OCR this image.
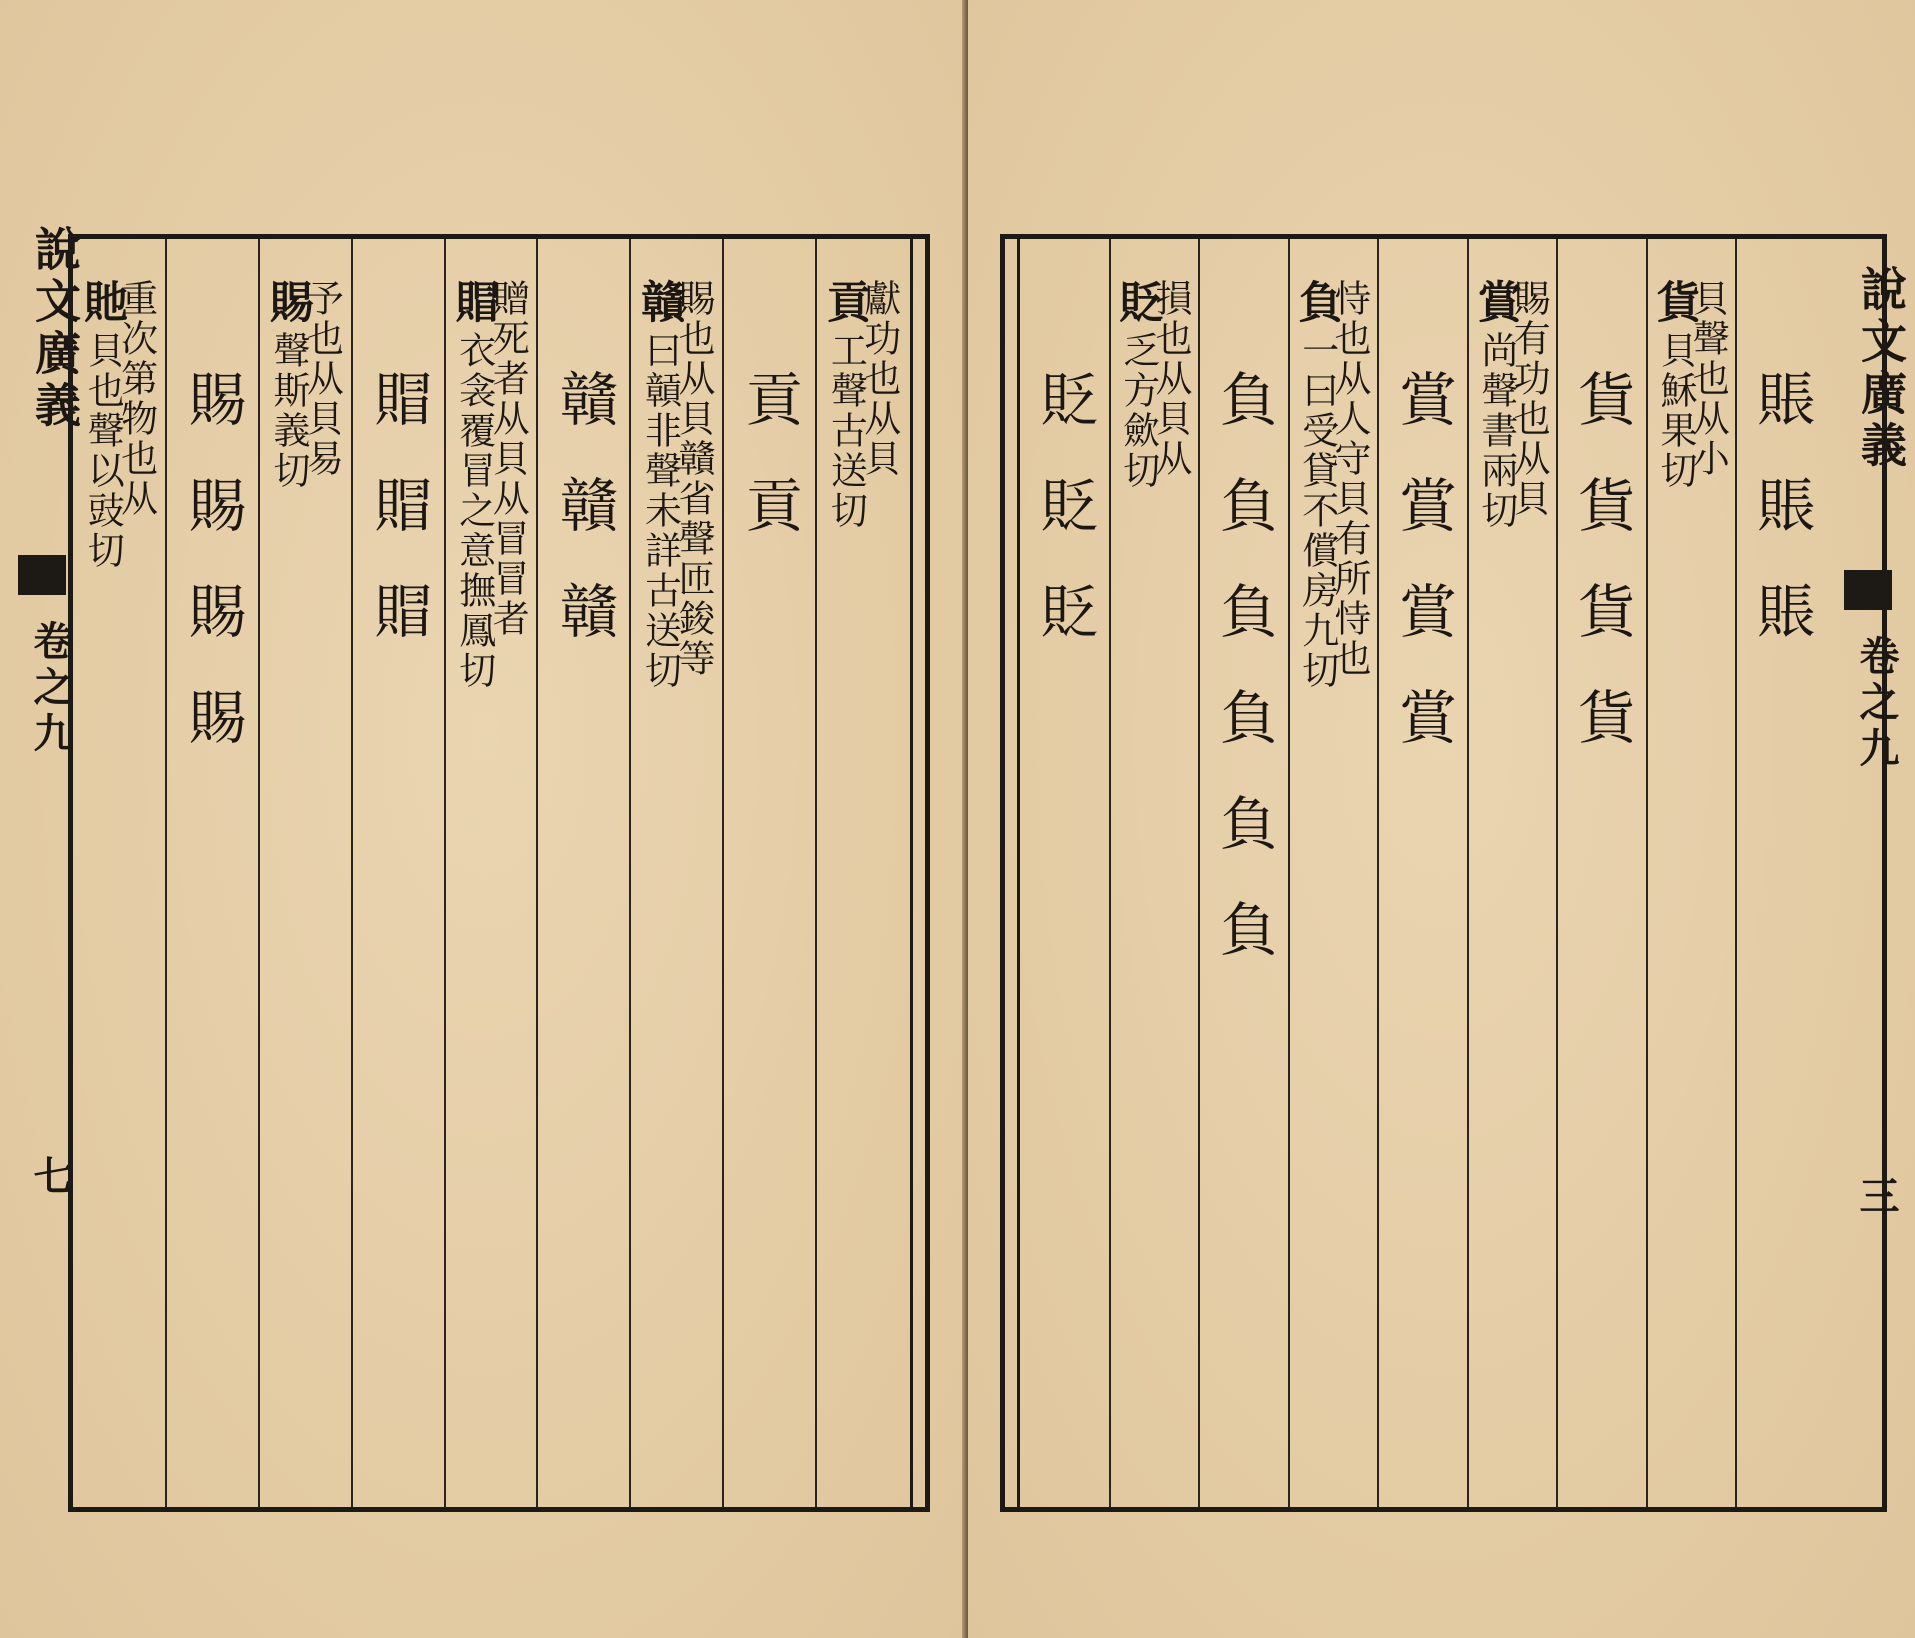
說文廣義
卷之九
七
貢
獻功也从貝
工聲古送切
貢貢
贛
賜也从貝贛省聲匝鋑等
曰贑非聲未詳古送切
贛贛贛
賵
贈死者从貝从冒冒者
衣衾覆冒之意撫鳳切
賵賵賵
賜
予也从貝易
聲斯義切
賜賜賜賜
貤
重次第物也从
貝也聲以豉切	賬賬賬
貨
貝聲也从小
貝穌果切
貨貨貨貨
賞
賜有功也从貝
尚聲書兩切
賞賞賞賞
負
恃也从人守貝有所恃也
一曰受貸不償房九切
負負負負負負
貶
損也从貝从
乏方歛切
貶貶貶	說文廣義
卷之九
三
